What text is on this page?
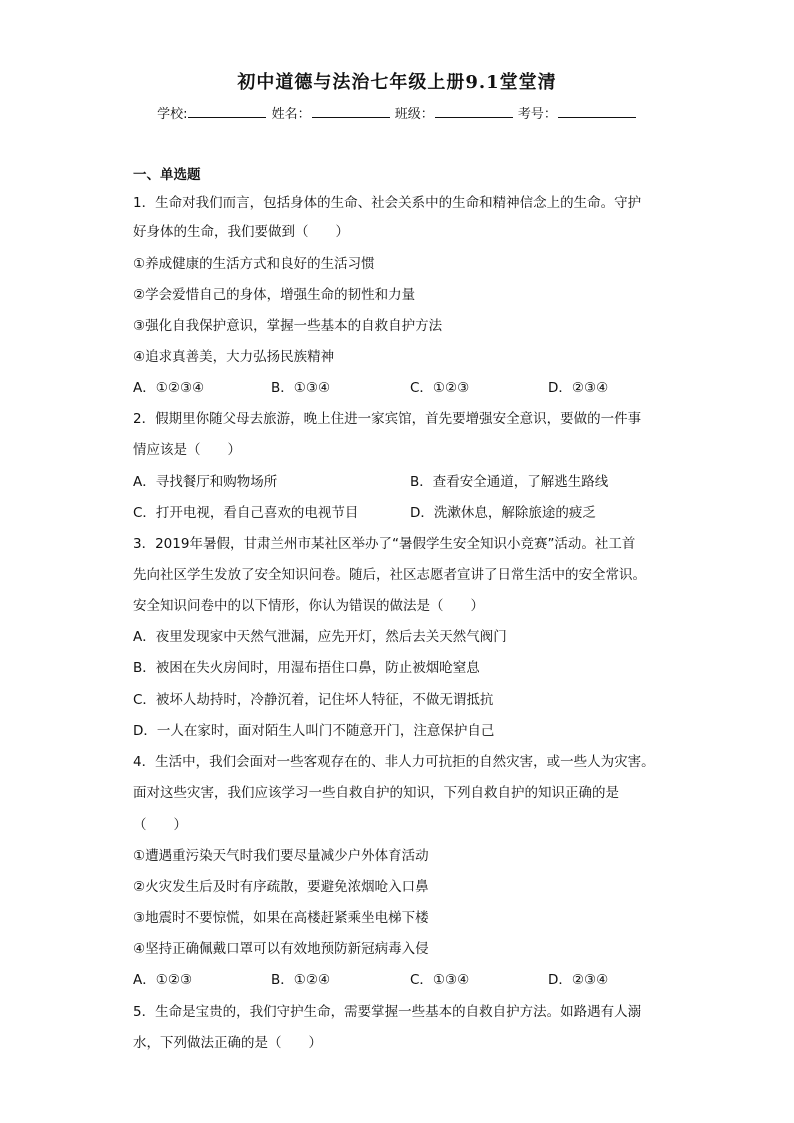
初中道德与法治七年级上册9.1堂堂清
学校:	姓名：	班级：	考号：
一、单选题
1．生命对我们而言，包括身体的生命、社会关系中的生命和精神信念上的生命。守护
好身体的生命，我们要做到（　　）
①养成健康的生活方式和良好的生活习惯
②学会爱惜自己的身体，增强生命的韧性和力量
③强化自我保护意识，掌握一些基本的自救自护方法
④追求真善美，大力弘扬民族精神
A．①②③④	B．①③④	C．①②③	D．②③④
2．假期里你随父母去旅游，晚上住进一家宾馆，首先要增强安全意识，要做的一件事
情应该是（　　）
A．寻找餐厅和购物场所	B．查看安全通道，了解逃生路线
C．打开电视，看自己喜欢的电视节目	D．洗漱休息，解除旅途的疲乏
3．2019年暑假，甘肃兰州市某社区举办了“暑假学生安全知识小竞赛”活动。社工首
先向社区学生发放了安全知识问卷。随后，社区志愿者宣讲了日常生活中的安全常识。
安全知识问卷中的以下情形，你认为错误的做法是（　　）
A．夜里发现家中天然气泄漏，应先开灯，然后去关天然气阀门
B．被困在失火房间时，用湿布捂住口鼻，防止被烟呛窒息
C．被坏人劫持时，冷静沉着，记住坏人特征，不做无谓抵抗
D．一人在家时，面对陌生人叫门不随意开门，注意保护自己
4．生活中，我们会面对一些客观存在的、非人力可抗拒的自然灾害，或一些人为灾害。
面对这些灾害，我们应该学习一些自救自护的知识，下列自救自护的知识正确的是
（　　）
①遭遇重污染天气时我们要尽量减少户外体育活动
②火灾发生后及时有序疏散，要避免浓烟呛入口鼻
③地震时不要惊慌，如果在高楼赶紧乘坐电梯下楼
④坚持正确佩戴口罩可以有效地预防新冠病毒入侵
A．①②③	B．①②④	C．①③④	D．②③④
5．生命是宝贵的，我们守护生命，需要掌握一些基本的自救自护方法。如路遇有人溺
水，下列做法正确的是（　　）
